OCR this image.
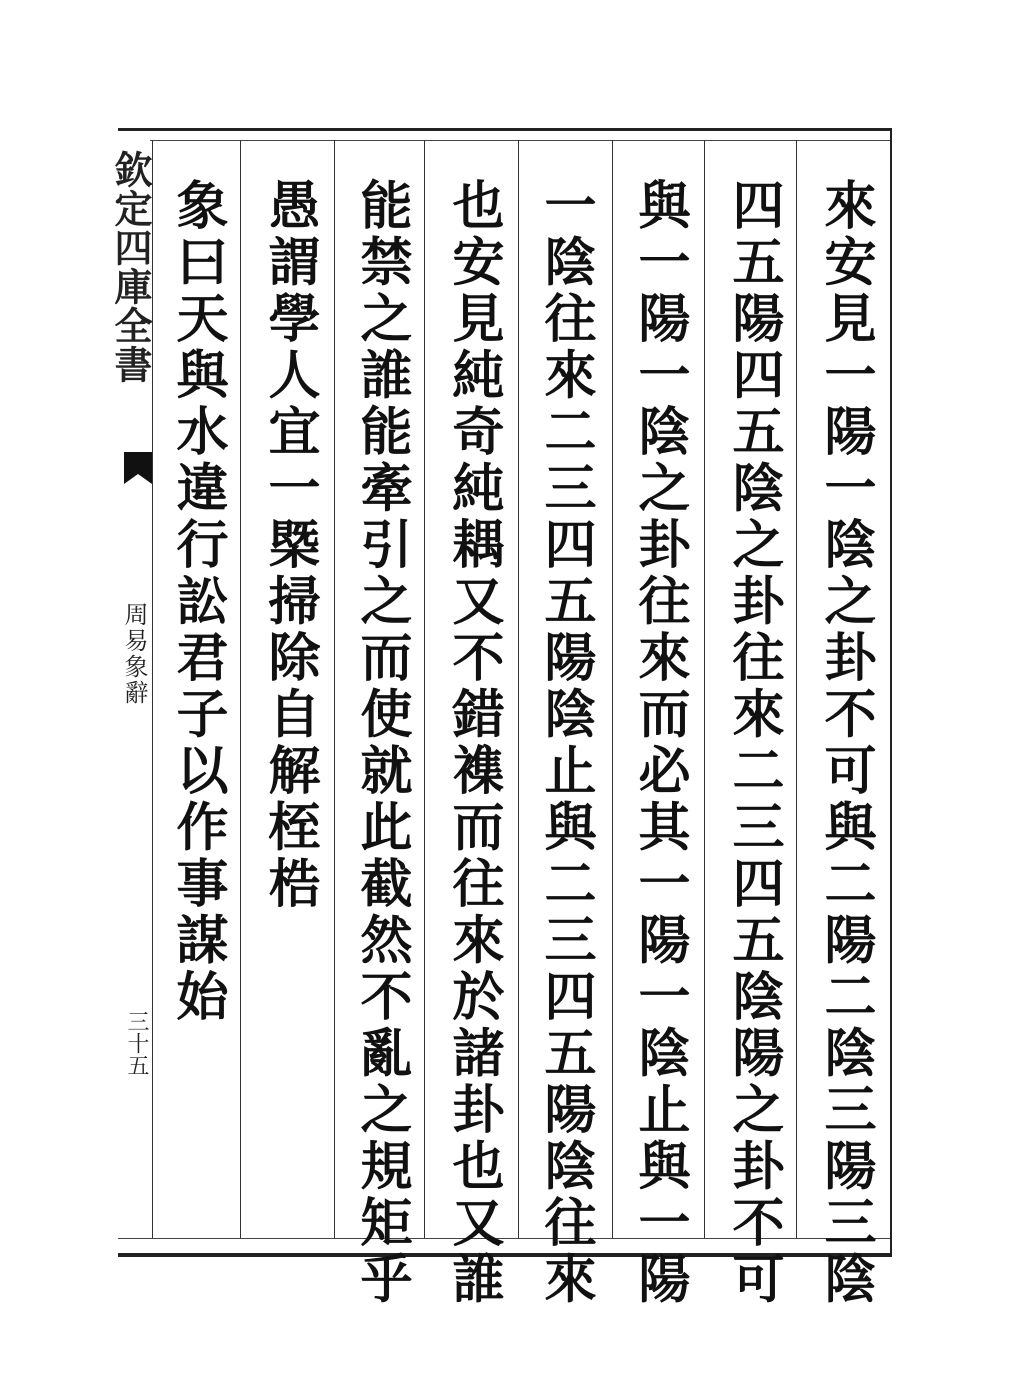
欽定四庫全書
周易象辭
三十五	來安見一陽一陰之卦不可與二陽二陰三陽三陰
四五陽四五陰之卦往來二三四五陰陽之卦不可
與一陽一陰之卦往來而必其一陽一陰止與一陽
一陰往來二三四五陽陰止與二三四五陽陰往來
也安見純奇純耦又不錯襍而往來於諸卦也又誰
能禁之誰能牽引之而使就此截然不亂之規矩乎
愚謂學人宜一槩掃除自解桎梏
象曰天與水違行訟君子以作事謀始
